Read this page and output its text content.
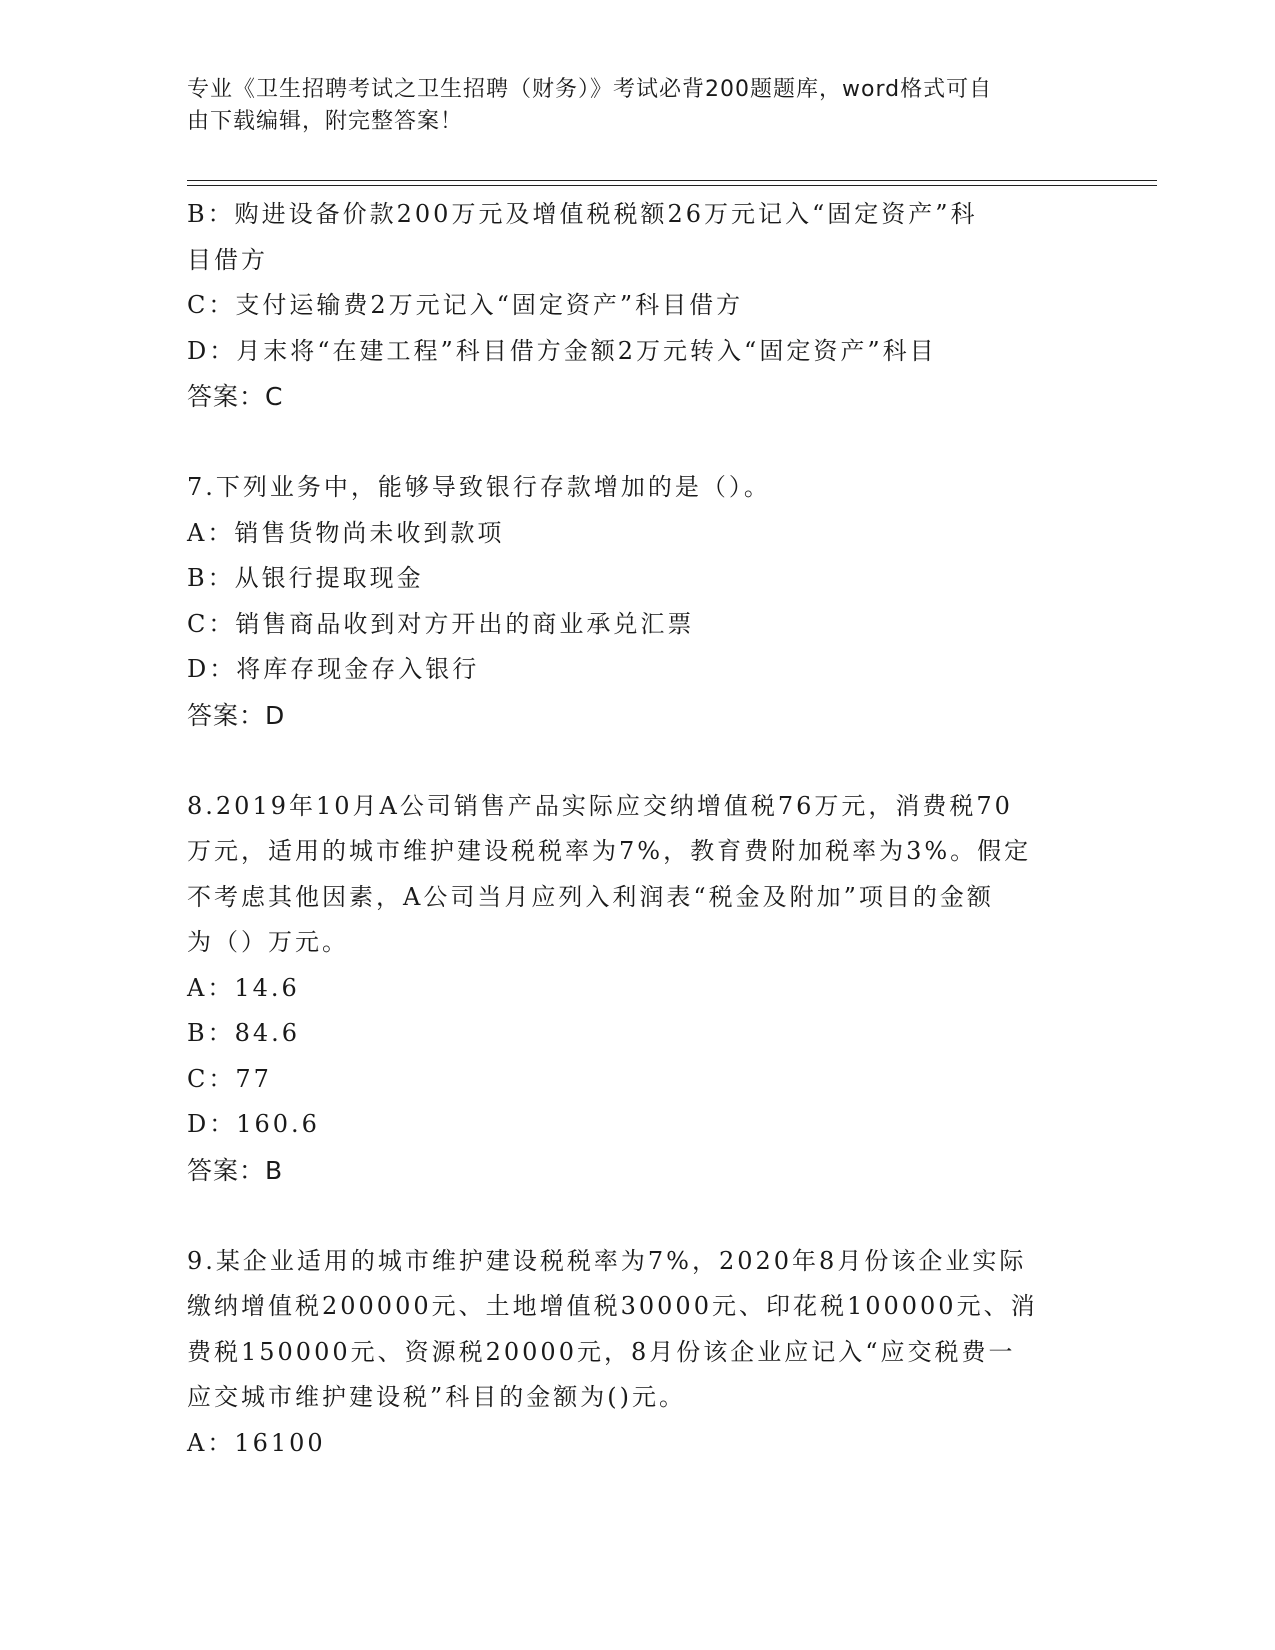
专业《卫生招聘考试之卫生招聘（财务）》考试必背200题题库，word格式可自
由下载编辑，附完整答案！
B：购进设备价款200万元及增值税税额26万元记入“固定资产”科
目借方
C：支付运输费2万元记入“固定资产”科目借方
D：月末将“在建工程”科目借方金额2万元转入“固定资产”科目
答案：C
7.下列业务中，能够导致银行存款增加的是（）。
A：销售货物尚未收到款项
B：从银行提取现金
C：销售商品收到对方开出的商业承兑汇票
D：将库存现金存入银行
答案：D
8.2019年10月A公司销售产品实际应交纳增值税76万元，消费税70
万元，适用的城市维护建设税税率为7%，教育费附加税率为3%。假定
不考虑其他因素，A公司当月应列入利润表“税金及附加”项目的金额
为（）万元。
A：14.6
B：84.6
C：77
D：160.6
答案：B
9.某企业适用的城市维护建设税税率为7%，2020年8月份该企业实际
缴纳增值税200000元、土地增值税30000元、印花税100000元、消
费税150000元、资源税20000元，8月份该企业应记入“应交税费一
应交城市维护建设税”科目的金额为()元。
A：16100
